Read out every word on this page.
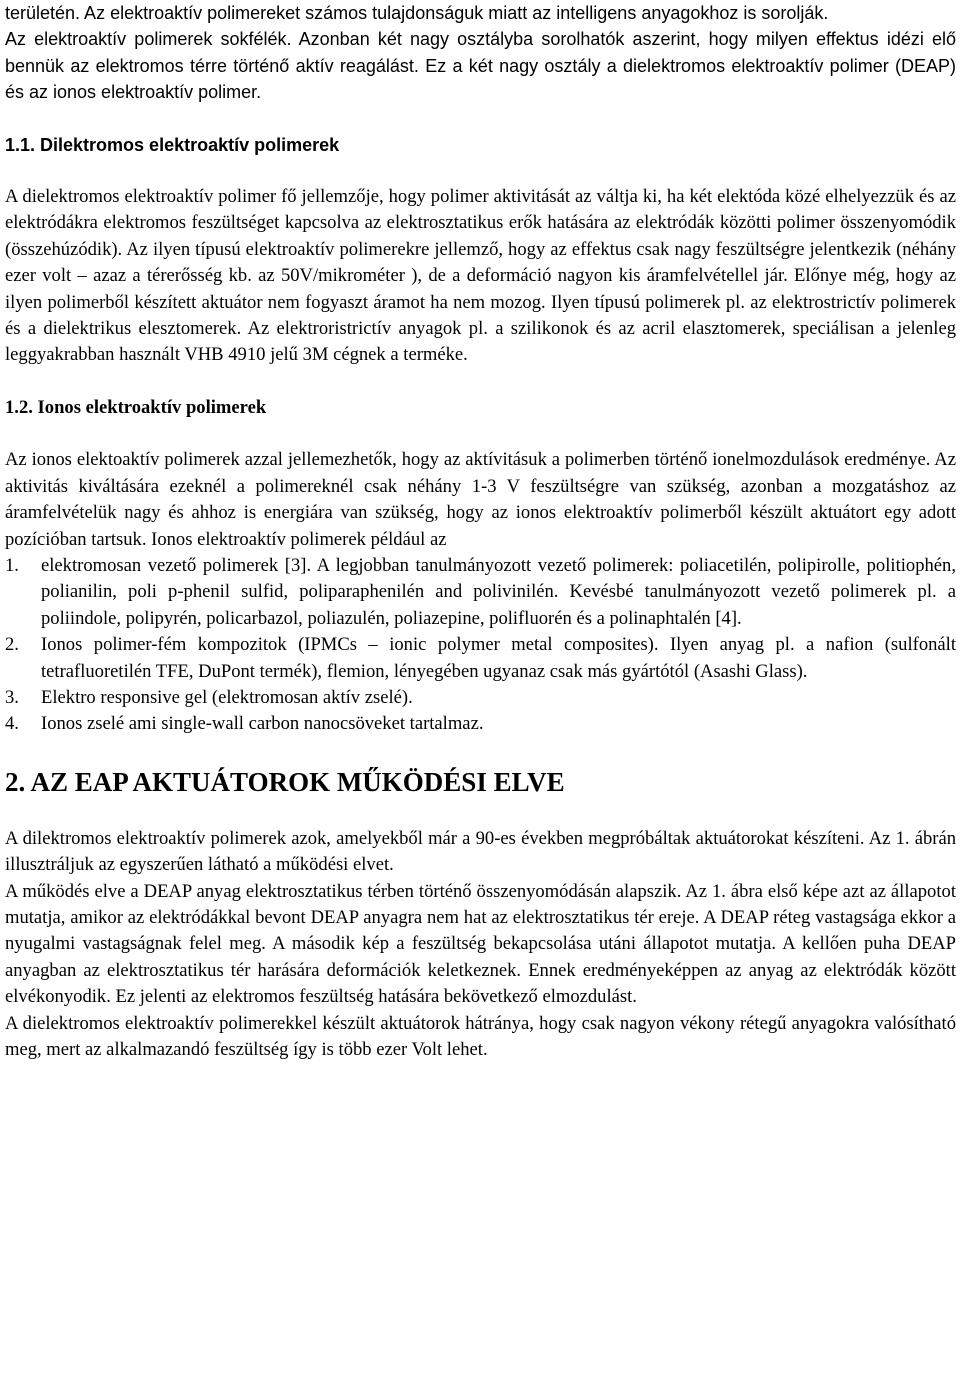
területén. Az elektroaktív polimereket számos tulajdonságuk miatt az intelligens anyagokhoz is sorolják.

Az elektroaktív polimerek sokfélék. Azonban két nagy osztályba sorolhatók aszerint, hogy milyen effektus idézi elő bennük az elektromos térre történő aktív reagálást. Ez a két nagy osztály a dielektromos elektroaktív polimer (DEAP) és az ionos elektroaktív polimer.

1.1. Dilektromos elektroaktív polimerek

A dielektromos elektroaktív polimer fő jellemzője, hogy polimer aktivitását az váltja ki, ha két elektóda közé elhelyezzük és az elektródákra elektromos feszültséget kapcsolva az elektrosztatikus erők hatására az elektródák közötti polimer összenyomódik (összehúzódik). Az ilyen típusú elektroaktív polimerekre jellemző, hogy az effektus csak nagy feszültségre jelentkezik (néhány ezer volt – azaz a térerősség kb. az 50V/mikrométer ), de a deformáció nagyon kis áramfelvétellel jár. Előnye még, hogy az ilyen polimerből készített aktuátor nem fogyaszt áramot ha nem mozog. Ilyen típusú polimerek pl. az elektrostrictív polimerek és a dielektrikus elesztomerek. Az elektroristrictív anyagok pl. a szilikonok és az acril elasztomerek, speciálisan a jelenleg leggyakrabban használt VHB 4910 jelű 3M cégnek a terméke.

1.2. Ionos elektroaktív polimerek

Az ionos elektoaktív polimerek azzal jellemezhetők, hogy az aktívitásuk a polimerben történő ionelmozdulások eredménye. Az aktivitás kiváltására ezeknél a polimereknél csak néhány 1-3 V feszültségre van szükség, azonban a mozgatáshoz az áramfelvételük nagy és ahhoz is energiára van szükség, hogy az ionos elektroaktív polimerből készült aktuátort egy adott pozícióban tartsuk. Ionos elektroaktív polimerek például az

1.	elektromosan vezető polimerek [3]. A legjobban tanulmányozott vezető polimerek: poliacetilén, polipirolle, politiophén, polianilin, poli p-phenil sulfid, poliparaphenilén and polivinilén. Kevésbé tanulmányozott vezető polimerek pl. a poliindole, polipyrén, policarbazol, poliazulén, poliazepine, polifluorén és a polinaphtalén [4].
2.	Ionos polimer-fém kompozitok (IPMCs – ionic polymer metal composites). Ilyen anyag pl. a nafion (sulfonált tetrafluoretilén TFE, DuPont termék), flemion, lényegében ugyanaz csak más gyártótól (Asashi Glass).
3.	Elektro responsive gel (elektromosan aktív zselé).
4.	Ionos zselé ami single-wall carbon nanocsöveket tartalmaz.
2. AZ EAP AKTUÁTOROK MŰKÖDÉSI ELVE

A dilektromos elektroaktív polimerek azok, amelyekből már a 90-es években megpróbáltak aktuátorokat készíteni. Az 1. ábrán illusztráljuk az egyszerűen látható a működési elvet.

A működés elve a DEAP anyag elektrosztatikus térben történő összenyomódásán alapszik. Az 1. ábra első képe azt az állapotot mutatja, amikor az elektródákkal bevont DEAP anyagra nem hat az elektrosztatikus tér ereje. A DEAP réteg vastagsága ekkor a nyugalmi vastagságnak felel meg. A második kép a feszültség bekapcsolása utáni állapotot mutatja. A kellően puha DEAP anyagban az elektrosztatikus tér harására deformációk keletkeznek. Ennek eredményeképpen az anyag az elektródák között elvékonyodik. Ez jelenti az elektromos feszültség hatására bekövetkező elmozdulást.

A dielektromos elektroaktív polimerekkel készült aktuátorok hátránya, hogy csak nagyon vékony rétegű anyagokra valósítható meg, mert az alkalmazandó feszültség így is több ezer Volt lehet.
